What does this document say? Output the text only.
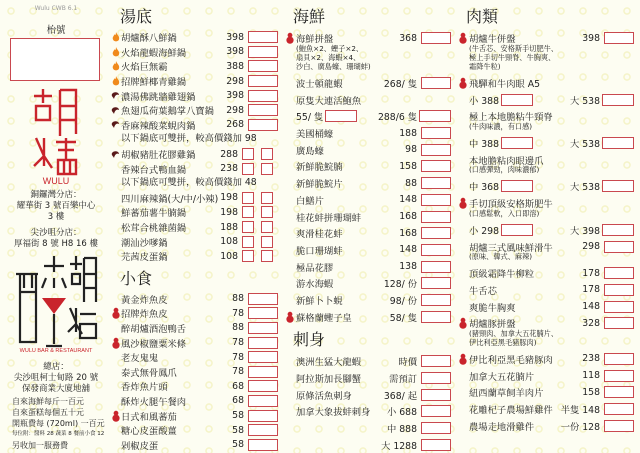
Wulu CWB 6.1
枱號
WULU
銅鑼灣分店：
耀華街 3 號百樂中心
3 樓
尖沙咀分店：
厚福街 8 號 H8 16 樓
WULU BAR & RESTAURANT
總店：
尖沙咀柯士甸路 20 號
保發商業大廈地舖
自來海鮮每斤一百元
自來蛋糕每個五十元
開瓶費每 (720ml) 一百元
每位附：醬料 28 蔬菜 8 餐前小食 12
另收加一服務費
湯底
胡爐酥八鮮鍋	398
火焰龍蝦海鮮鍋	398
火焰巨無霸	388
招牌鮮椰青雞鍋	298
濃湯佛跳牆雞翅鍋	398
魚翅瓜荷葉鵝掌八寶鍋	298
香麻辣酸菜蜆肉鍋	268
以下鍋底可雙拼，較高價錢加 98
胡椒豬肚花膠雞鍋	288
香辣台式鴨血鍋	238
以下鍋底可雙拼，較高價錢加 48
四川麻辣鍋(大/中/小辣) 198
鮮蕃茄薯牛腩鍋	198
松茸合桃雜菌鍋	188
潮汕沙嗲鍋	108
芫茜皮蛋鍋	108
小食
黃金炸魚皮	88
招牌炸魚皮	78
醉胡爐酒泡鴨舌	88
風沙椒鹽粟米條	78
老友鬼鬼	78
泰式無骨鳳爪	78
香炸魚片頭	68
酥炸火腿午餐肉	68
日式和風蕃茄	58
糖心皮蛋酸薑	58
剁椒皮蛋	58
海鮮
海鮮拼盤	368
(鮑魚×2、蟶子×2、
扇貝×2、海蝦×4、
沙白、廣島蠔、珊瑚蚌)
波士頓龍蝦	268/ 隻
原隻大連活鮑魚
55/ 隻	288/6 隻
美國桶蠔	188
廣島蠔	98
新鮮脆鯇腩	158
新鮮脆鯇片	88
白鱔片	148
桂花蚌拼珊瑚蚌	168
爽滑桂花蚌	168
脆口珊瑚蚌	148
極品花膠	138
游水海蝦	128/ 份
新鮮卜卜蜆	98/ 份
蘇格蘭蟶子皇	58/ 隻
刺身
澳洲生猛大龍蝦	時價
阿拉斯加長腳蟹	需預訂
原條活魚刺身	368/ 起
加拿大象拔蚌刺身	小 688
中 888
大 1288
肉類
胡爐牛併盤	398
(牛舌芯、安格斯手切肥牛、
極上手切牛頸脊、牛胸爽、
霜降牛粒)
飛驒和牛肉眼 A5
小 388	大 538
極上本地膽粘牛頸脊
(牛肉味濃，有口感)
中 388	大 538
本地膽粘肉眼邊爪
(口感彈勁，肉味濃郁)
中 368	大 538
手切頂級安格斯肥牛
(口感鬆軟，入口即溶)
小 298	大 398
胡爐三式風味鮮滑牛	298
(原味、韓式、麻辣)
頂級霜降牛柳粒	178
牛舌芯	178
爽脆牛胸爽	148
胡爐豚拼盤	328
(豬頸肉、加拿大五花腩片、
伊比利亞黑毛豬豚肉)
伊比利亞黑毛豬豚肉	238
加拿大五花腩片	118
紐西蘭草飼羊肉片	158
花雕杞子農場鮮雞件 半隻 148
農場走地滑雞件	一份 128
